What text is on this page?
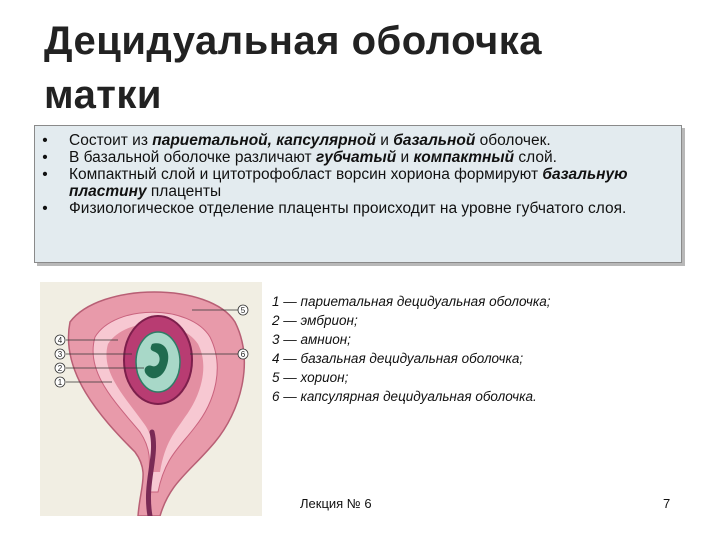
Децидуальная оболочка
матки
• Состоит из париетальной, капсулярной и базальной оболочек.
• В базальной оболочке различают губчатый и компактный слой.
• Компактный слой и цитотрофобласт ворсин хориона формируют базальную пластину плаценты
• Физиологическое отделение плаценты происходит на уровне губчатого слоя.
4
3
2
1
5
6
1 — париетальная децидуальная оболочка;
2 — эмбрион;
3 — амнион;
4 — базальная децидуальная оболочка;
5 — хорион;
6 — капсулярная децидуальная оболочка.
Лекция № 6	7
